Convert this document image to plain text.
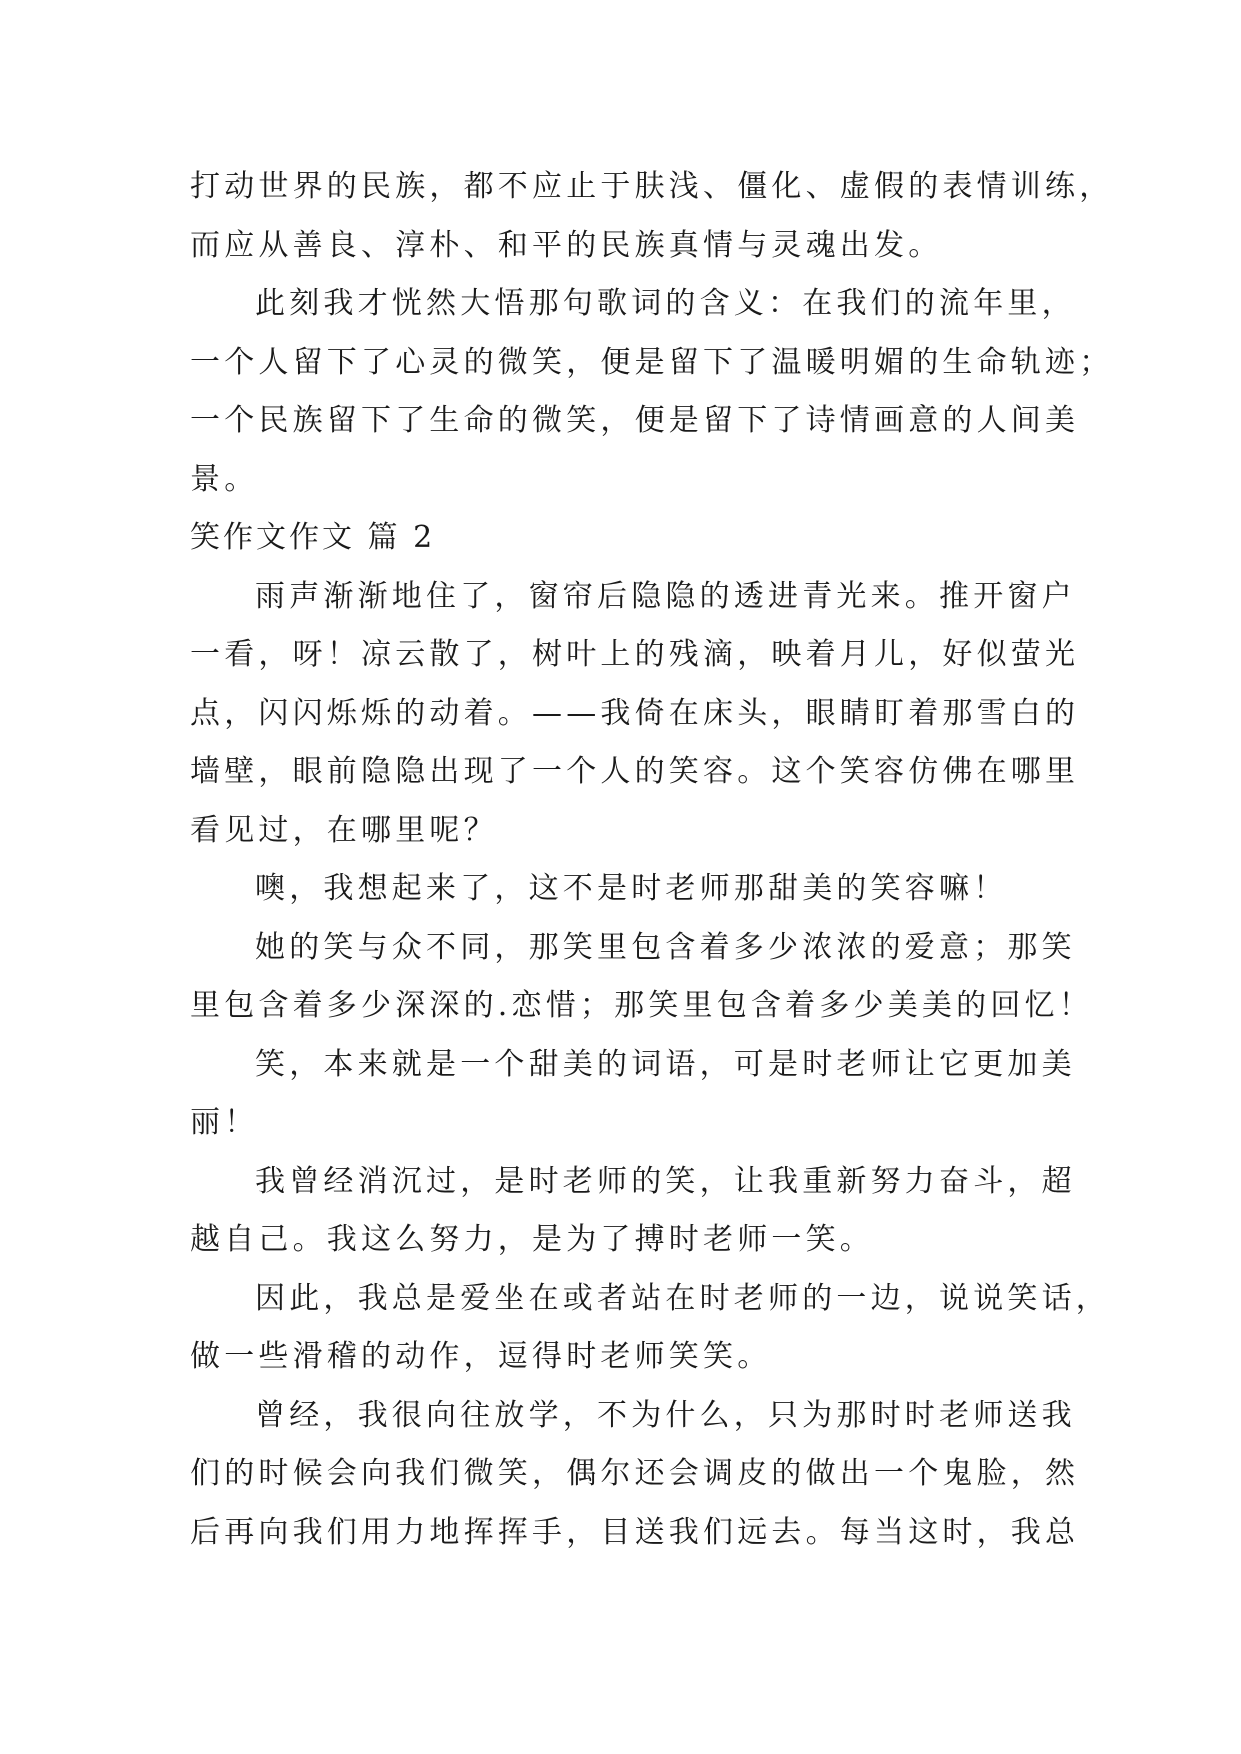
打动世界的民族，都不应止于肤浅、僵化、虚假的表情训练，
而应从善良、淳朴、和平的民族真情与灵魂出发。
此刻我才恍然大悟那句歌词的含义：在我们的流年里，
一个人留下了心灵的微笑，便是留下了温暖明媚的生命轨迹；
一个民族留下了生命的微笑，便是留下了诗情画意的人间美
景。
笑作文作文 篇 2
雨声渐渐地住了，窗帘后隐隐的透进青光来。推开窗户
一看，呀！凉云散了，树叶上的残滴，映着月儿，好似萤光
点，闪闪烁烁的动着。——我倚在床头，眼睛盯着那雪白的
墙壁，眼前隐隐出现了一个人的笑容。这个笑容仿佛在哪里
看见过，在哪里呢？
噢，我想起来了，这不是时老师那甜美的笑容嘛！
她的笑与众不同，那笑里包含着多少浓浓的爱意；那笑
里包含着多少深深的.恋惜；那笑里包含着多少美美的回忆！
笑，本来就是一个甜美的词语，可是时老师让它更加美
丽！
我曾经消沉过，是时老师的笑，让我重新努力奋斗，超
越自己。我这么努力，是为了搏时老师一笑。
因此，我总是爱坐在或者站在时老师的一边，说说笑话，
做一些滑稽的动作，逗得时老师笑笑。
曾经，我很向往放学，不为什么，只为那时时老师送我
们的时候会向我们微笑，偶尔还会调皮的做出一个鬼脸，然
后再向我们用力地挥挥手，目送我们远去。每当这时，我总
